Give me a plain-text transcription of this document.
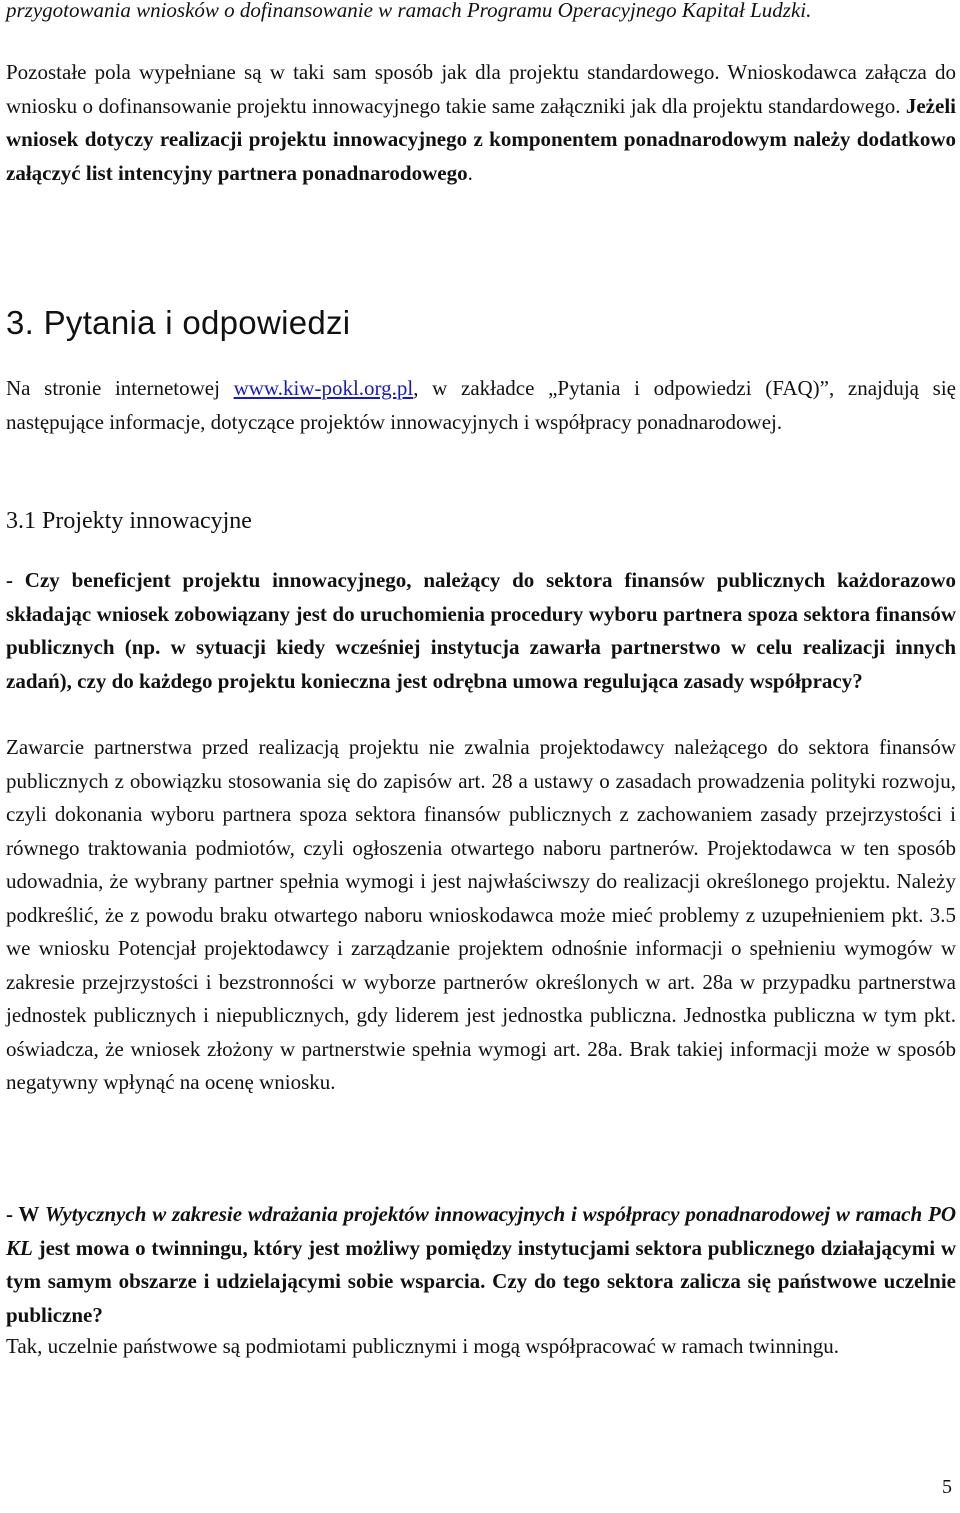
przygotowania wniosków o dofinansowanie w ramach Programu Operacyjnego Kapitał Ludzki.

Pozostałe pola wypełniane są w taki sam sposób jak dla projektu standardowego. Wnioskodawca załącza do wniosku o dofinansowanie projektu innowacyjnego takie same załączniki jak dla projektu standardowego. Jeżeli wniosek dotyczy realizacji projektu innowacyjnego z komponentem ponadnarodowym należy dodatkowo załączyć list intencyjny partnera ponadnarodowego.

3. Pytania i odpowiedzi

Na stronie internetowej www.kiw-pokl.org.pl, w zakładce „Pytania i odpowiedzi (FAQ)”, znajdują się następujące informacje, dotyczące projektów innowacyjnych i współpracy ponadnarodowej.

3.1 Projekty innowacyjne

- Czy beneficjent projektu innowacyjnego, należący do sektora finansów publicznych każdorazowo składając wniosek zobowiązany jest do uruchomienia procedury wyboru partnera spoza sektora finansów publicznych (np. w sytuacji kiedy wcześniej instytucja zawarła partnerstwo w celu realizacji innych zadań), czy do każdego projektu konieczna jest odrębna umowa regulująca zasady współpracy?

Zawarcie partnerstwa przed realizacją projektu nie zwalnia projektodawcy należącego do sektora finansów publicznych z obowiązku stosowania się do zapisów art. 28 a ustawy o zasadach prowadzenia polityki rozwoju, czyli dokonania wyboru partnera spoza sektora finansów publicznych z zachowaniem zasady przejrzystości i równego traktowania podmiotów, czyli ogłoszenia otwartego naboru partnerów. Projektodawca w ten sposób udowadnia, że wybrany partner spełnia wymogi i jest najwłaściwszy do realizacji określonego projektu. Należy podkreślić, że z powodu braku otwartego naboru wnioskodawca może mieć problemy z uzupełnieniem pkt. 3.5 we wniosku Potencjał projektodawcy i zarządzanie projektem odnośnie informacji o spełnieniu wymogów w zakresie przejrzystości i bezstronności w wyborze partnerów określonych w art. 28a w przypadku partnerstwa jednostek publicznych i niepublicznych, gdy liderem jest jednostka publiczna. Jednostka publiczna w tym pkt. oświadcza, że wniosek złożony w partnerstwie spełnia wymogi art. 28a. Brak takiej informacji może w sposób negatywny wpłynąć na ocenę wniosku.

- W Wytycznych w zakresie wdrażania projektów innowacyjnych i współpracy ponadnarodowej w ramach PO KL jest mowa o twinningu, który jest możliwy pomiędzy instytucjami sektora publicznego działającymi w tym samym obszarze i udzielającymi sobie wsparcia. Czy do tego sektora zalicza się państwowe uczelnie publiczne?

Tak, uczelnie państwowe są podmiotami publicznymi i mogą współpracować w ramach twinningu.

5
